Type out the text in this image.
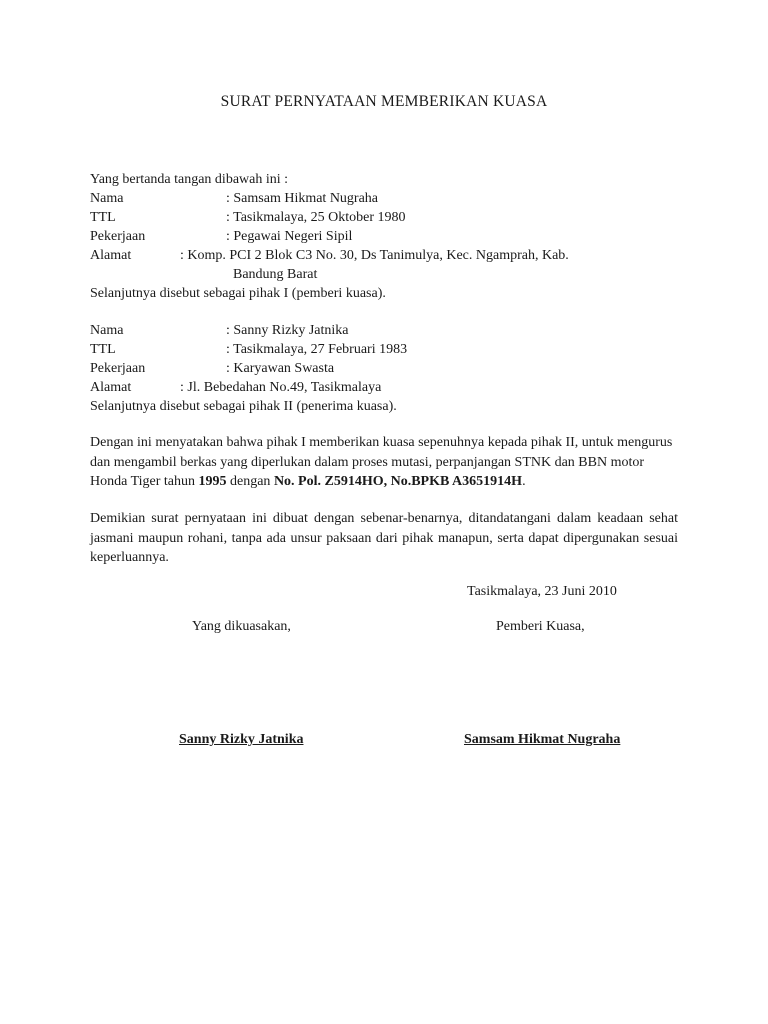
SURAT PERNYATAAN MEMBERIKAN KUASA
Yang bertanda tangan dibawah ini :
Nama	: Samsam Hikmat Nugraha
TTL	: Tasikmalaya, 25 Oktober 1980
Pekerjaan	: Pegawai Negeri Sipil
Alamat	: Komp. PCI 2 Blok C3 No. 30, Ds Tanimulya, Kec. Ngamprah, Kab.
Bandung Barat
Selanjutnya disebut sebagai pihak I (pemberi kuasa).
Nama	: Sanny Rizky Jatnika
TTL	: Tasikmalaya, 27 Februari 1983
Pekerjaan	: Karyawan Swasta
Alamat	: Jl. Bebedahan No.49, Tasikmalaya
Selanjutnya disebut sebagai pihak II (penerima kuasa).

Dengan ini menyatakan bahwa pihak I memberikan kuasa sepenuhnya kepada pihak II, untuk mengurus dan mengambil berkas yang diperlukan dalam proses mutasi, perpanjangan STNK dan BBN motor Honda Tiger tahun 1995 dengan No. Pol. Z5914HO, No.BPKB A3651914H.

Demikian surat pernyataan ini dibuat dengan sebenar-benarnya, ditandatangani dalam keadaan sehat jasmani maupun rohani, tanpa ada unsur paksaan dari pihak manapun, serta dapat dipergunakan sesuai keperluannya.
Tasikmalaya, 23 Juni 2010
Yang dikuasakan,	Pemberi Kuasa,
Sanny Rizky Jatnika	Samsam Hikmat Nugraha
